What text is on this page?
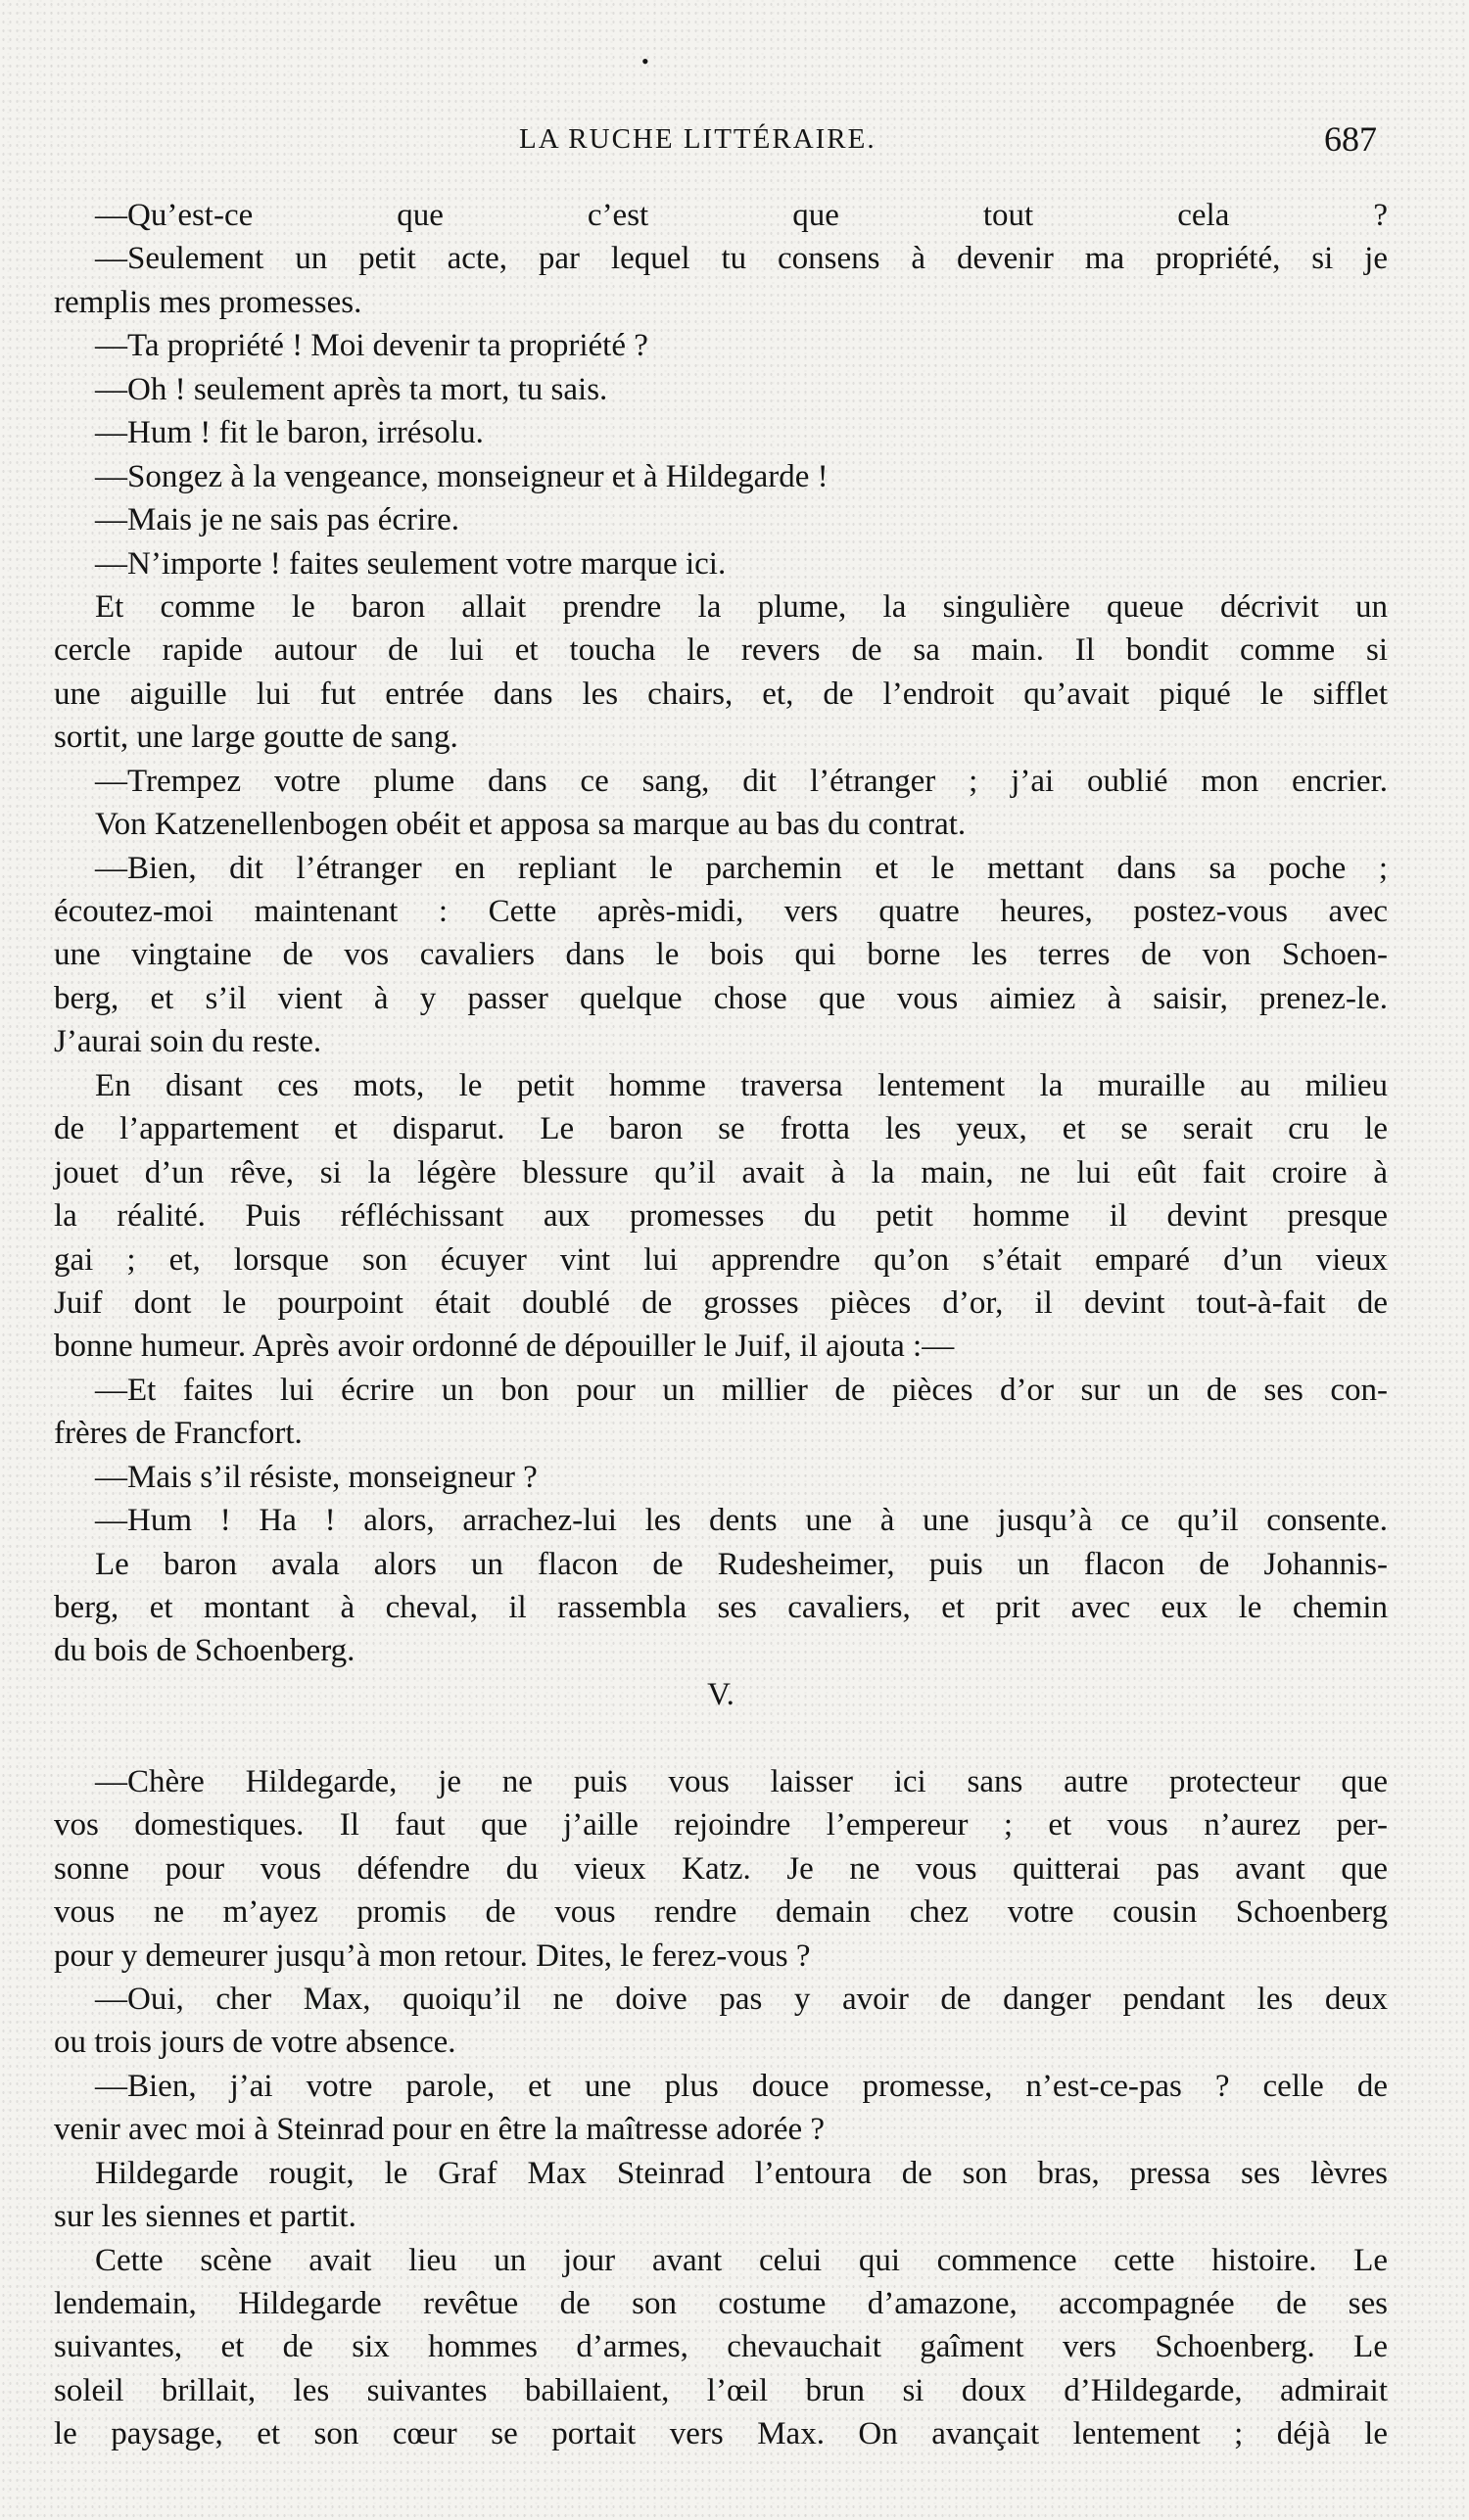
•
LA RUCHE LITTÉRAIRE.	687
—Qu’est-ce que c’est que tout cela ?
—Seulement un petit acte, par lequel tu consens à devenir ma propriété, si je
remplis mes promesses.
—Ta propriété ! Moi devenir ta propriété ?
—Oh ! seulement après ta mort, tu sais.
—Hum ! fit le baron, irrésolu.
—Songez à la vengeance, monseigneur et à Hildegarde !
—Mais je ne sais pas écrire.
—N’importe ! faites seulement votre marque ici.
Et comme le baron allait prendre la plume, la singulière queue décrivit un
cercle rapide autour de lui et toucha le revers de sa main. Il bondit comme si
une aiguille lui fut entrée dans les chairs, et, de l’endroit qu’avait piqué le sifflet
sortit, une large goutte de sang.
—Trempez votre plume dans ce sang, dit l’étranger ; j’ai oublié mon encrier.
Von Katzenellenbogen obéit et apposa sa marque au bas du contrat.
—Bien, dit l’étranger en repliant le parchemin et le mettant dans sa poche ;
écoutez-moi maintenant : Cette après-midi, vers quatre heures, postez-vous avec
une vingtaine de vos cavaliers dans le bois qui borne les terres de von Schoen-
berg, et s’il vient à y passer quelque chose que vous aimiez à saisir, prenez-le.
J’aurai soin du reste.
En disant ces mots, le petit homme traversa lentement la muraille au milieu
de l’appartement et disparut. Le baron se frotta les yeux, et se serait cru le
jouet d’un rêve, si la légère blessure qu’il avait à la main, ne lui eût fait croire à
la réalité. Puis réfléchissant aux promesses du petit homme il devint presque
gai ; et, lorsque son écuyer vint lui apprendre qu’on s’était emparé d’un vieux
Juif dont le pourpoint était doublé de grosses pièces d’or, il devint tout-à-fait de
bonne humeur. Après avoir ordonné de dépouiller le Juif, il ajouta :—
—Et faites lui écrire un bon pour un millier de pièces d’or sur un de ses con-
frères de Francfort.
—Mais s’il résiste, monseigneur ?
—Hum ! Ha ! alors, arrachez-lui les dents une à une jusqu’à ce qu’il consente.
Le baron avala alors un flacon de Rudesheimer, puis un flacon de Johannis-
berg, et montant à cheval, il rassembla ses cavaliers, et prit avec eux le chemin
du bois de Schoenberg.
V.
—Chère Hildegarde, je ne puis vous laisser ici sans autre protecteur que
vos domestiques. Il faut que j’aille rejoindre l’empereur ; et vous n’aurez per-
sonne pour vous défendre du vieux Katz. Je ne vous quitterai pas avant que
vous ne m’ayez promis de vous rendre demain chez votre cousin Schoenberg
pour y demeurer jusqu’à mon retour. Dites, le ferez-vous ?
—Oui, cher Max, quoiqu’il ne doive pas y avoir de danger pendant les deux
ou trois jours de votre absence.
—Bien, j’ai votre parole, et une plus douce promesse, n’est-ce-pas ? celle de
venir avec moi à Steinrad pour en être la maîtresse adorée ?
Hildegarde rougit, le Graf Max Steinrad l’entoura de son bras, pressa ses lèvres
sur les siennes et partit.
Cette scène avait lieu un jour avant celui qui commence cette histoire. Le
lendemain, Hildegarde revêtue de son costume d’amazone, accompagnée de ses
suivantes, et de six hommes d’armes, chevauchait gaîment vers Schoenberg. Le
soleil brillait, les suivantes babillaient, l’œil brun si doux d’Hildegarde, admirait
le paysage, et son cœur se portait vers Max. On avançait lentement ; déjà le
